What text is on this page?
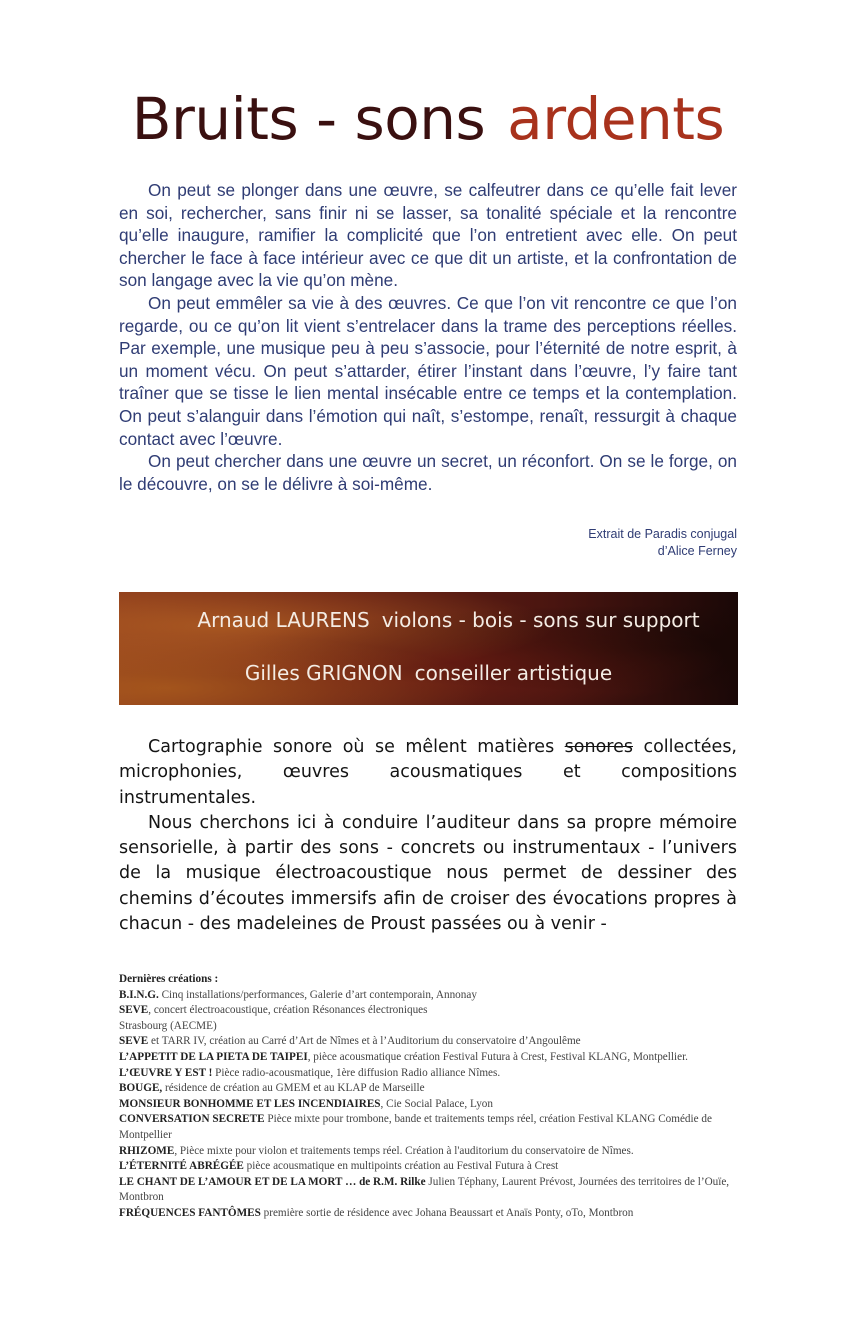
Bruits - sons ardents

On peut se plonger dans une œuvre, se calfeutrer dans ce qu’elle fait lever en soi, rechercher, sans finir ni se lasser, sa tonalité spéciale et la rencontre qu’elle inaugure, ramifier la complicité que l’on entretient avec elle. On peut chercher le face à face intérieur avec ce que dit un artiste, et la confrontation de son langage avec la vie qu’on mène.

On peut emmêler sa vie à des œuvres. Ce que l’on vit rencontre ce que l’on regarde, ou ce qu’on lit vient s’entrelacer dans la trame des perceptions réelles. Par exemple, une musique peu à peu s’associe, pour l’éternité de notre esprit, à un moment vécu. On peut s’attarder, étirer l’instant dans l’œuvre, l’y faire tant traîner que se tisse le lien mental insécable entre ce temps et la contemplation. On peut s’alanguir dans l’émotion qui naît, s’estompe, renaît, ressurgit à chaque contact avec l’œuvre.

On peut chercher dans une œuvre un secret, un réconfort. On se le forge, on le découvre, on se le délivre à soi-même.

Extrait de Paradis conjugal
d’Alice Ferney
Arnaud LAURENS violons - bois - sons sur support
Gilles GRIGNON conseiller artistique

Cartographie sonore où se mêlent matières sonores collectées, microphonies, œuvres acousmatiques et compositions instrumentales.

Nous cherchons ici à conduire l’auditeur dans sa propre mémoire sensorielle, à partir des sons - concrets ou instrumentaux - l’univers de la musique électroacoustique nous permet de dessiner des chemins d’écoutes immersifs afin de croiser des évocations propres à chacun - des madeleines de Proust passées ou à venir -

Dernières créations :
B.I.N.G. Cinq installations/performances, Galerie d’art contemporain, Annonay
SEVE, concert électroacoustique, création Résonances électroniques
Strasbourg (AECME)
SEVE et TARR IV, création au Carré d’Art de Nîmes et à l’Auditorium du conservatoire d’Angoulême
L’APPETIT DE LA PIETA DE TAIPEI, pièce acousmatique création Festival Futura à Crest, Festival KLANG, Montpellier.
L’ŒUVRE Y EST ! Pièce radio-acousmatique, 1ère diffusion Radio alliance Nîmes.
BOUGE, résidence de création au GMEM et au KLAP de Marseille
MONSIEUR BONHOMME ET LES INCENDIAIRES, Cie Social Palace, Lyon
CONVERSATION SECRETE Pièce mixte pour trombone, bande et traitements temps réel, création Festival KLANG Comédie de Montpellier
RHIZOME, Pièce mixte pour violon et traitements temps réel. Création à l'auditorium du conservatoire de Nîmes.
L’ÉTERNITÉ ABRÉGÉE pièce acousmatique en multipoints création au Festival Futura à Crest
LE CHANT DE L’AMOUR ET DE LA MORT … de R.M. Rilke Julien Téphany, Laurent Prévost, Journées des territoires de l’Ouïe, Montbron
FRÉQUENCES FANTÔMES première sortie de résidence avec Johana Beaussart et Anaïs Ponty, oTo, Montbron
